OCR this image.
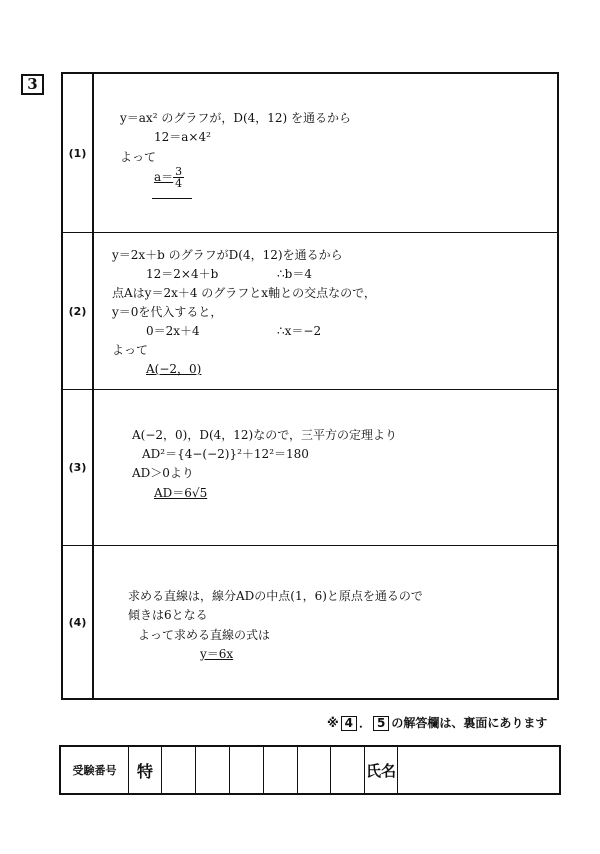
3
(1)
y＝ax² のグラフが，D(4，12) を通るから
12＝a×4²
よって
$a= \frac{3}{4}$
(2)
y＝2x＋b のグラフがD(4，12)を通るから
12＝2×4＋b	∴b＝4
点Aはy＝2x＋4 のグラフとx軸との交点なので，
y＝0を代入すると，
0＝2x＋4	∴x＝−2
よって
A(−2，0)
(3)
A(−2，0)，D(4，12)なので，三平方の定理より
AD²＝{4−(−2)}²＋12²＝180
AD＞0より
AD＝6√5
(4)
求める直線は，線分ADの中点(1，6)と原点を通るので
傾きは6となる
よって求める直線の式は
y＝6x
※ 4 ． 5 の解答欄は、裏面にあります
受験番号	特	氏名
